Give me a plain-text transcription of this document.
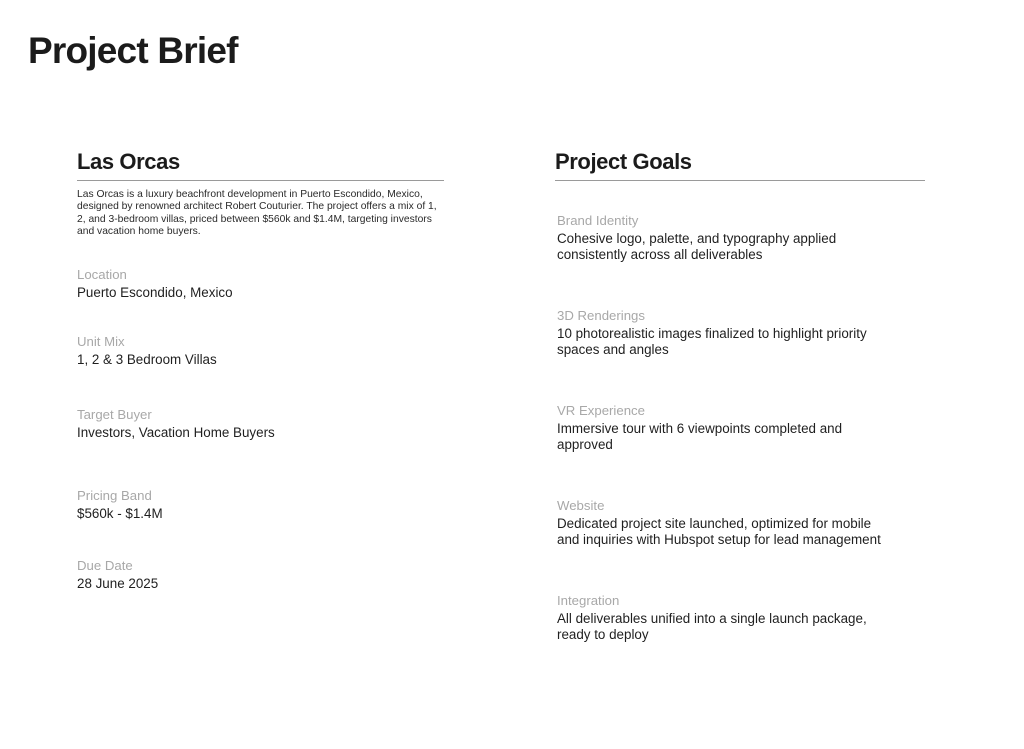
Project Brief
Las Orcas

Las Orcas is a luxury beachfront development in Puerto Escondido, Mexico, designed by renowned architect Robert Couturier. The project offers a mix of 1, 2, and 3-bedroom villas, priced between $560k and $1.4M, targeting investors and vacation home buyers.

Location
Puerto Escondido, Mexico
Unit Mix
1, 2 & 3 Bedroom Villas
Target Buyer
Investors, Vacation Home Buyers
Pricing Band
$560k - $1.4M
Due Date
28 June 2025
Project Goals
Brand Identity
Cohesive logo, palette, and typography applied consistently across all deliverables
3D Renderings
10 photorealistic images finalized to highlight priority spaces and angles
VR Experience
Immersive tour with 6 viewpoints completed and approved
Website
Dedicated project site launched, optimized for mobile and inquiries with Hubspot setup for lead management
Integration
All deliverables unified into a single launch package, ready to deploy
